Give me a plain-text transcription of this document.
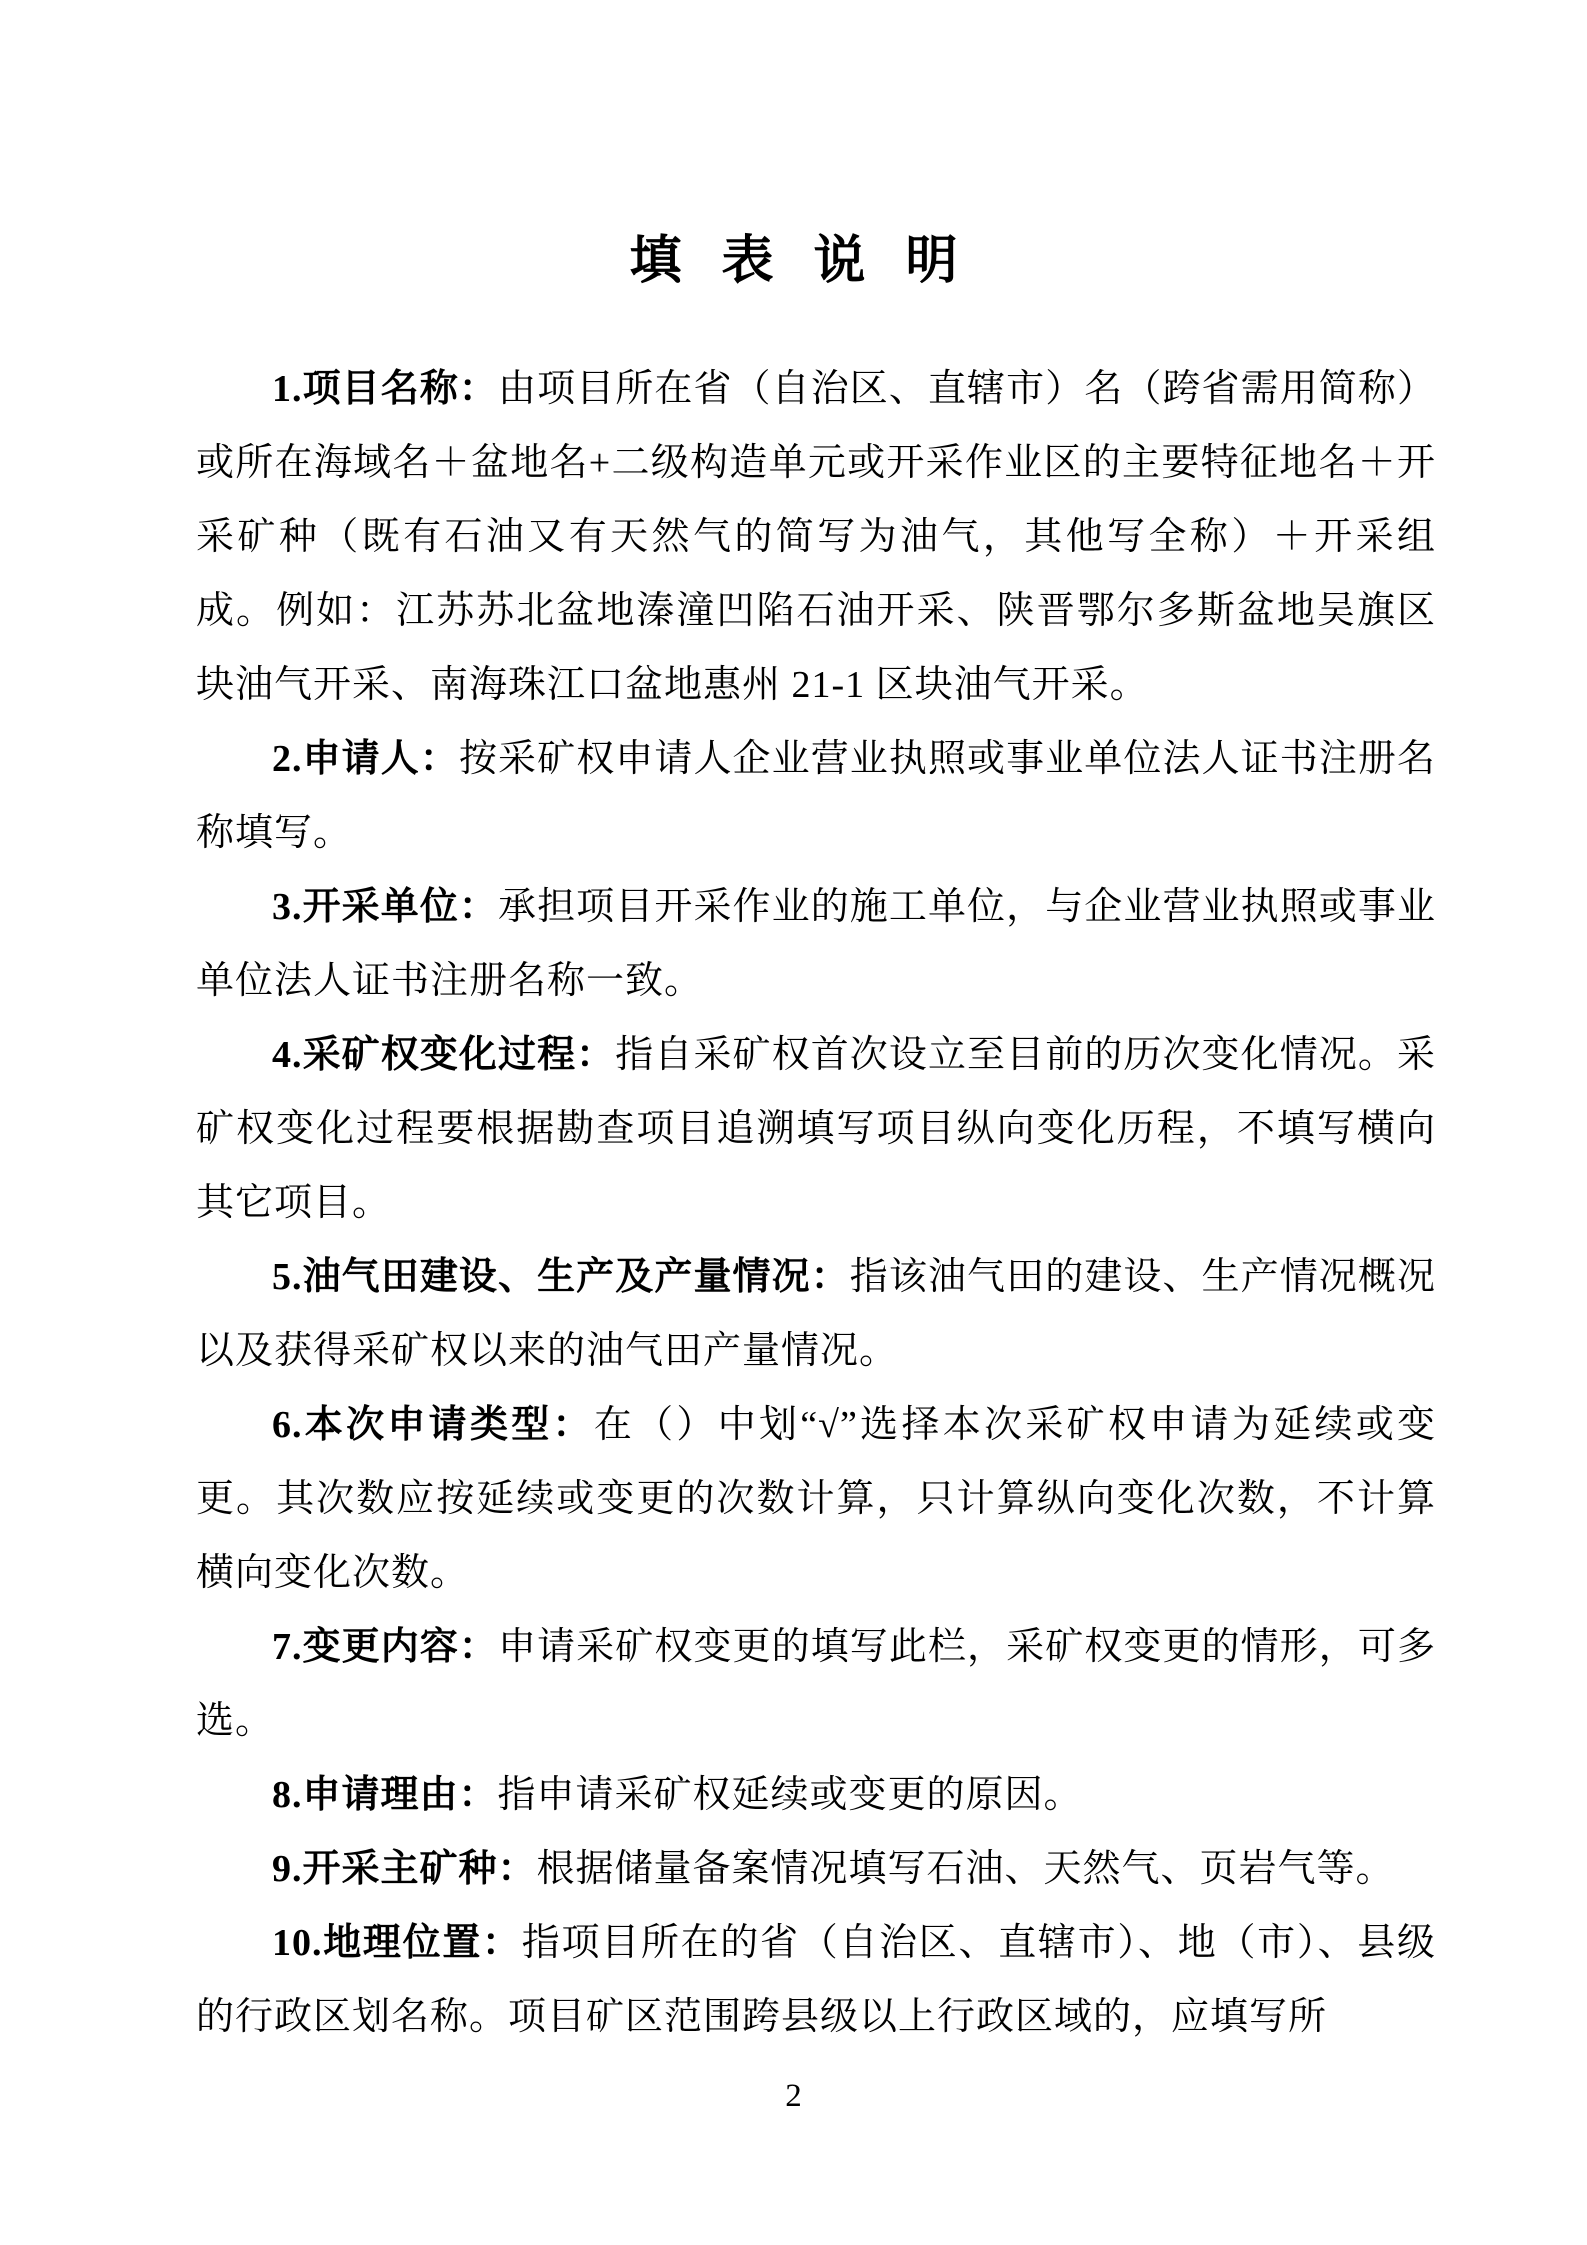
填表说明

1.项目名称：由项目所在省（自治区、直辖市）名（跨省需用简称）或所在海域名＋盆地名+二级构造单元或开采作业区的主要特征地名＋开采矿种（既有石油又有天然气的简写为油气，其他写全称）＋开采组成。例如：江苏苏北盆地溱潼凹陷石油开采、陕晋鄂尔多斯盆地吴旗区块油气开采、南海珠江口盆地惠州 21-1 区块油气开采。

2.申请人：按采矿权申请人企业营业执照或事业单位法人证书注册名称填写。

3.开采单位：承担项目开采作业的施工单位，与企业营业执照或事业单位法人证书注册名称一致。

4.采矿权变化过程：指自采矿权首次设立至目前的历次变化情况。采矿权变化过程要根据勘查项目追溯填写项目纵向变化历程，不填写横向其它项目。

5.油气田建设、生产及产量情况：指该油气田的建设、生产情况概况以及获得采矿权以来的油气田产量情况。

6.本次申请类型：在（）中划“√”选择本次采矿权申请为延续或变更。其次数应按延续或变更的次数计算，只计算纵向变化次数，不计算横向变化次数。

7.变更内容：申请采矿权变更的填写此栏，采矿权变更的情形，可多选。

8.申请理由：指申请采矿权延续或变更的原因。

9.开采主矿种：根据储量备案情况填写石油、天然气、页岩气等。

10.地理位置：指项目所在的省（自治区、直辖市）、地（市）、县级的行政区划名称。项目矿区范围跨县级以上行政区域的，应填写所

2
